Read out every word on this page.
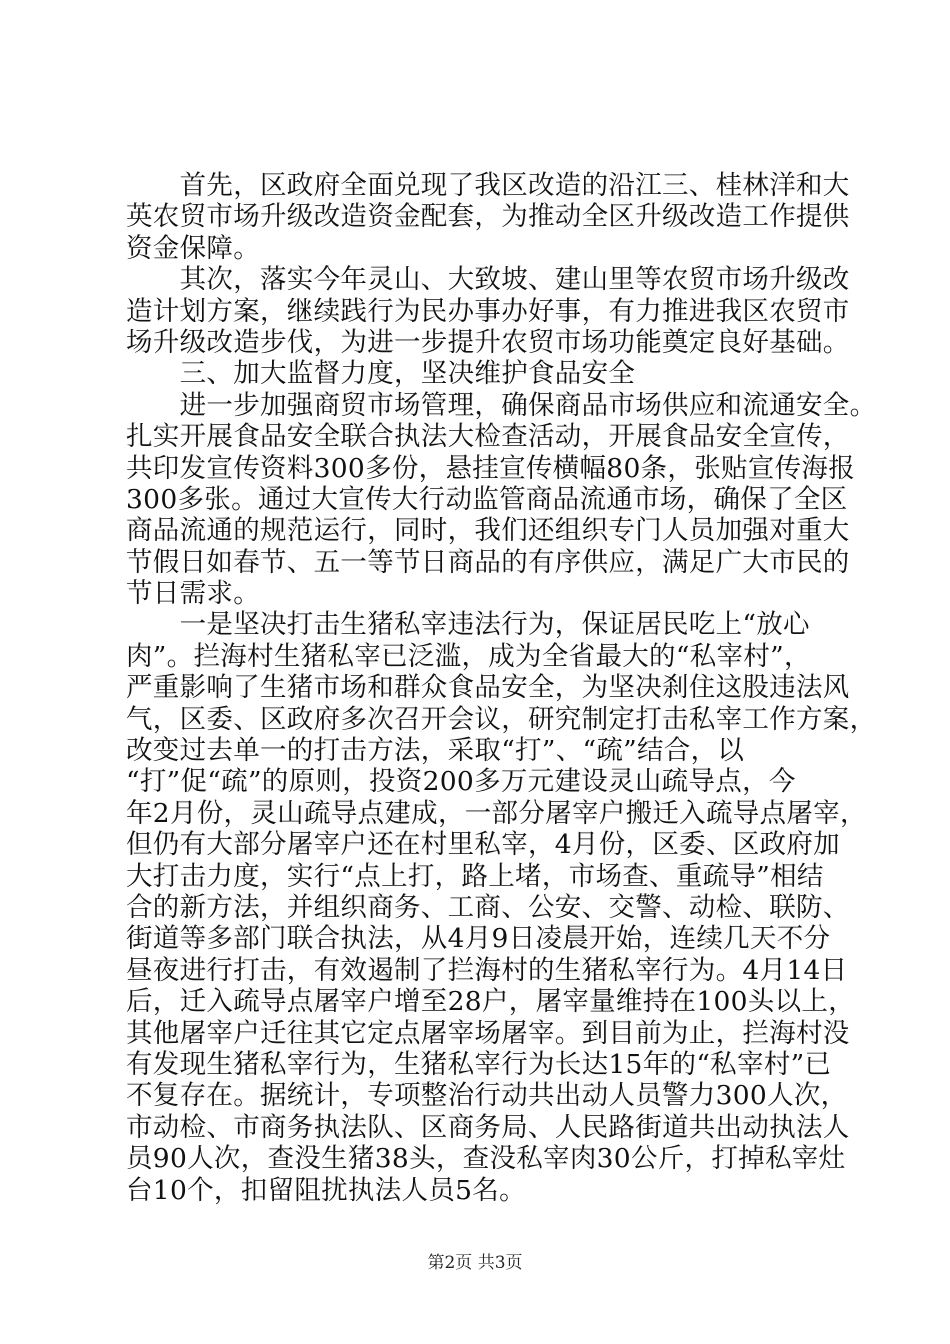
　　首先，区政府全面兑现了我区改造的沿江三、桂林洋和大
英农贸市场升级改造资金配套，为推动全区升级改造工作提供
资金保障。
　　其次，落实今年灵山、大致坡、建山里等农贸市场升级改
造计划方案，继续践行为民办事办好事，有力推进我区农贸市
场升级改造步伐，为进一步提升农贸市场功能奠定良好基础。
　　三、加大监督力度，坚决维护食品安全
　　进一步加强商贸市场管理，确保商品市场供应和流通安全。
扎实开展食品安全联合执法大检查活动，开展食品安全宣传，
共印发宣传资料300多份，悬挂宣传横幅80条，张贴宣传海报
300多张。通过大宣传大行动监管商品流通市场，确保了全区
商品流通的规范运行，同时，我们还组织专门人员加强对重大
节假日如春节、五一等节日商品的有序供应，满足广大市民的
节日需求。
　　一是坚决打击生猪私宰违法行为，保证居民吃上“放心
肉”。拦海村生猪私宰已泛滥，成为全省最大的“私宰村”，
严重影响了生猪市场和群众食品安全，为坚决刹住这股违法风
气，区委、区政府多次召开会议，研究制定打击私宰工作方案，
改变过去单一的打击方法，采取“打”、“疏”结合，以
“打”促“疏”的原则，投资200多万元建设灵山疏导点，今
年2月份，灵山疏导点建成，一部分屠宰户搬迁入疏导点屠宰，
但仍有大部分屠宰户还在村里私宰，4月份，区委、区政府加
大打击力度，实行“点上打，路上堵，市场查、重疏导”相结
合的新方法，并组织商务、工商、公安、交警、动检、联防、
街道等多部门联合执法，从4月9日凌晨开始，连续几天不分
昼夜进行打击，有效遏制了拦海村的生猪私宰行为。4月14日
后，迁入疏导点屠宰户增至28户，屠宰量维持在100头以上，
其他屠宰户迁往其它定点屠宰场屠宰。到目前为止，拦海村没
有发现生猪私宰行为，生猪私宰行为长达15年的“私宰村”已
不复存在。据统计，专项整治行动共出动人员警力300人次，
市动检、市商务执法队、区商务局、人民路街道共出动执法人
员90人次，查没生猪38头，查没私宰肉30公斤，打掉私宰灶
台10个，扣留阻扰执法人员5名。
第2页 共3页
